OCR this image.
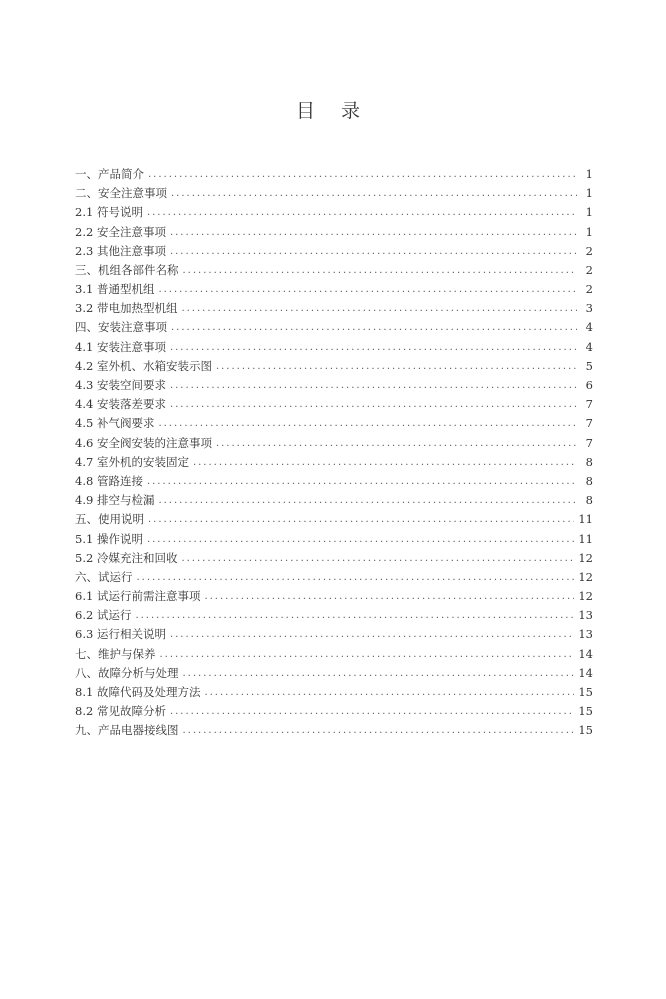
目 录
一、产品简介 .....	1
二、安全注意事项 .....	1
2.1 符号说明 .....	1
2.2 安全注意事项 .....	1
2.3 其他注意事项 .....	2
三、机组各部件名称 .....	2
3.1 普通型机组 .....	2
3.2 带电加热型机组 .....	3
四、安装注意事项 .....	4
4.1 安装注意事项 .....	4
4.2 室外机、水箱安装示图 .....	5
4.3 安装空间要求 .....	6
4.4 安装落差要求 .....	7
4.5 补气阀要求 .....	7
4.6 安全阀安装的注意事项 .....	7
4.7 室外机的安装固定 .....	8
4.8 管路连接 .....	8
4.9 排空与检漏 .....	8
五、使用说明 .....	11
5.1 操作说明 .....	11
5.2 冷媒充注和回收 .....	12
六、试运行 .....	12
6.1 试运行前需注意事项 .....	12
6.2 试运行 .....	13
6.3 运行相关说明 .....	13
七、维护与保养 .....	14
八、故障分析与处理 .....	14
8.1 故障代码及处理方法 .....	15
8.2 常见故障分析 .....	15
九、产品电器接线图 .....	15
